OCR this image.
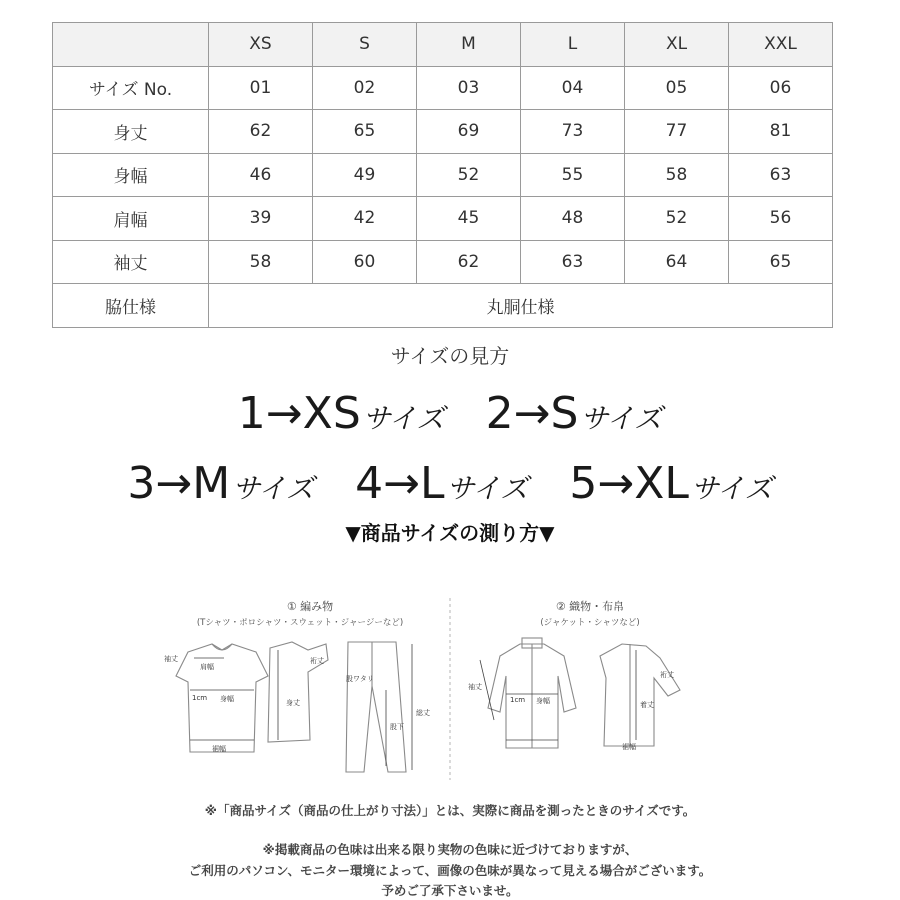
	XS	S	M	L	XL	XXL
サイズ No.	01	02	03	04	05	06
身丈	62	65	69	73	77	81
身幅	46	49	52	55	58	63
肩幅	39	42	45	48	52	56
袖丈	58	60	62	63	64	65
脇仕様	丸胴仕様					
サイズの見方
1→XSサイズ 2→Sサイズ
3→Mサイズ 4→Lサイズ 5→XLサイズ
▼商品サイズの測り方▼
① 編み物
(Tシャツ・ポロシャツ・スウェット・ジャージーなど)
② 織物・布帛
(ジャケット・シャツなど)
袖丈
肩幅
1cm 身幅	身丈
裾幅
裄丈
股ワタリ
股下
総丈
袖丈
1cm 身幅	着丈
裾幅
裄丈
※「商品サイズ（商品の仕上がり寸法）」とは、実際に商品を測ったときのサイズです。
※掲載商品の色味は出来る限り実物の色味に近づけておりますが、
ご利用のパソコン、モニター環境によって、画像の色味が異なって見える場合がございます。
予めご了承下さいませ。
